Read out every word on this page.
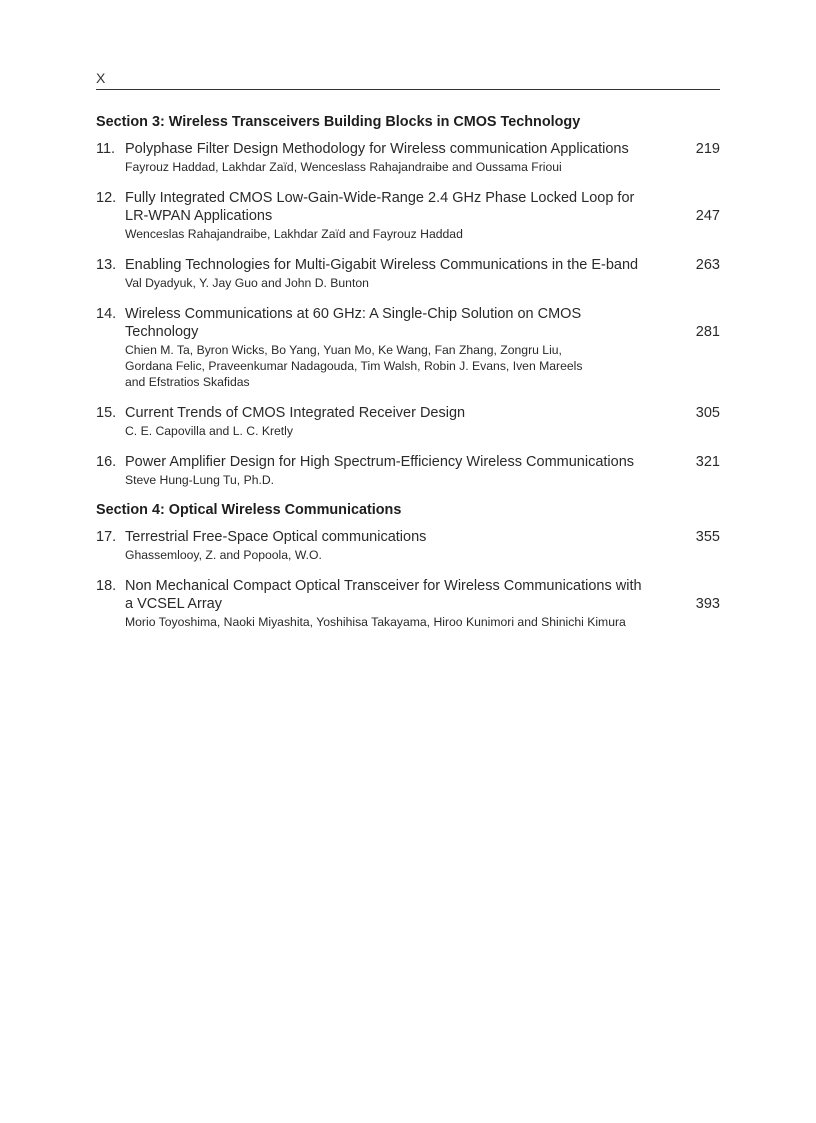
X
Section 3: Wireless Transceivers Building Blocks in CMOS Technology
11. Polyphase Filter Design Methodology for Wireless communication Applications
Fayrouz Haddad, Lakhdar Zaïd, Wenceslass Rahajandraibe and Oussama Frioui
219
12. Fully Integrated CMOS Low-Gain-Wide-Range 2.4 GHz Phase Locked Loop for
LR-WPAN Applications
Wenceslas Rahajandraibe, Lakhdar Zaïd and Fayrouz Haddad
247
13. Enabling Technologies for Multi-Gigabit Wireless Communications in the E-band
Val Dyadyuk, Y. Jay Guo and John D. Bunton
263
14. Wireless Communications at 60 GHz: A Single-Chip Solution on CMOS
Technology
Chien M. Ta, Byron Wicks, Bo Yang, Yuan Mo, Ke Wang, Fan Zhang, Zongru Liu,
Gordana Felic, Praveenkumar Nadagouda, Tim Walsh, Robin J. Evans, Iven Mareels
and Efstratios Skafidas
281
15. Current Trends of CMOS Integrated Receiver Design
C. E. Capovilla and L. C. Kretly
305
16. Power Amplifier Design for High Spectrum-Efficiency Wireless Communications
Steve Hung-Lung Tu, Ph.D.
321
Section 4: Optical Wireless Communications
17. Terrestrial Free-Space Optical communications
Ghassemlooy, Z. and Popoola, W.O.
355
18. Non Mechanical Compact Optical Transceiver for Wireless Communications with
a VCSEL Array
Morio Toyoshima, Naoki Miyashita, Yoshihisa Takayama, Hiroo Kunimori and Shinichi Kimura
393
